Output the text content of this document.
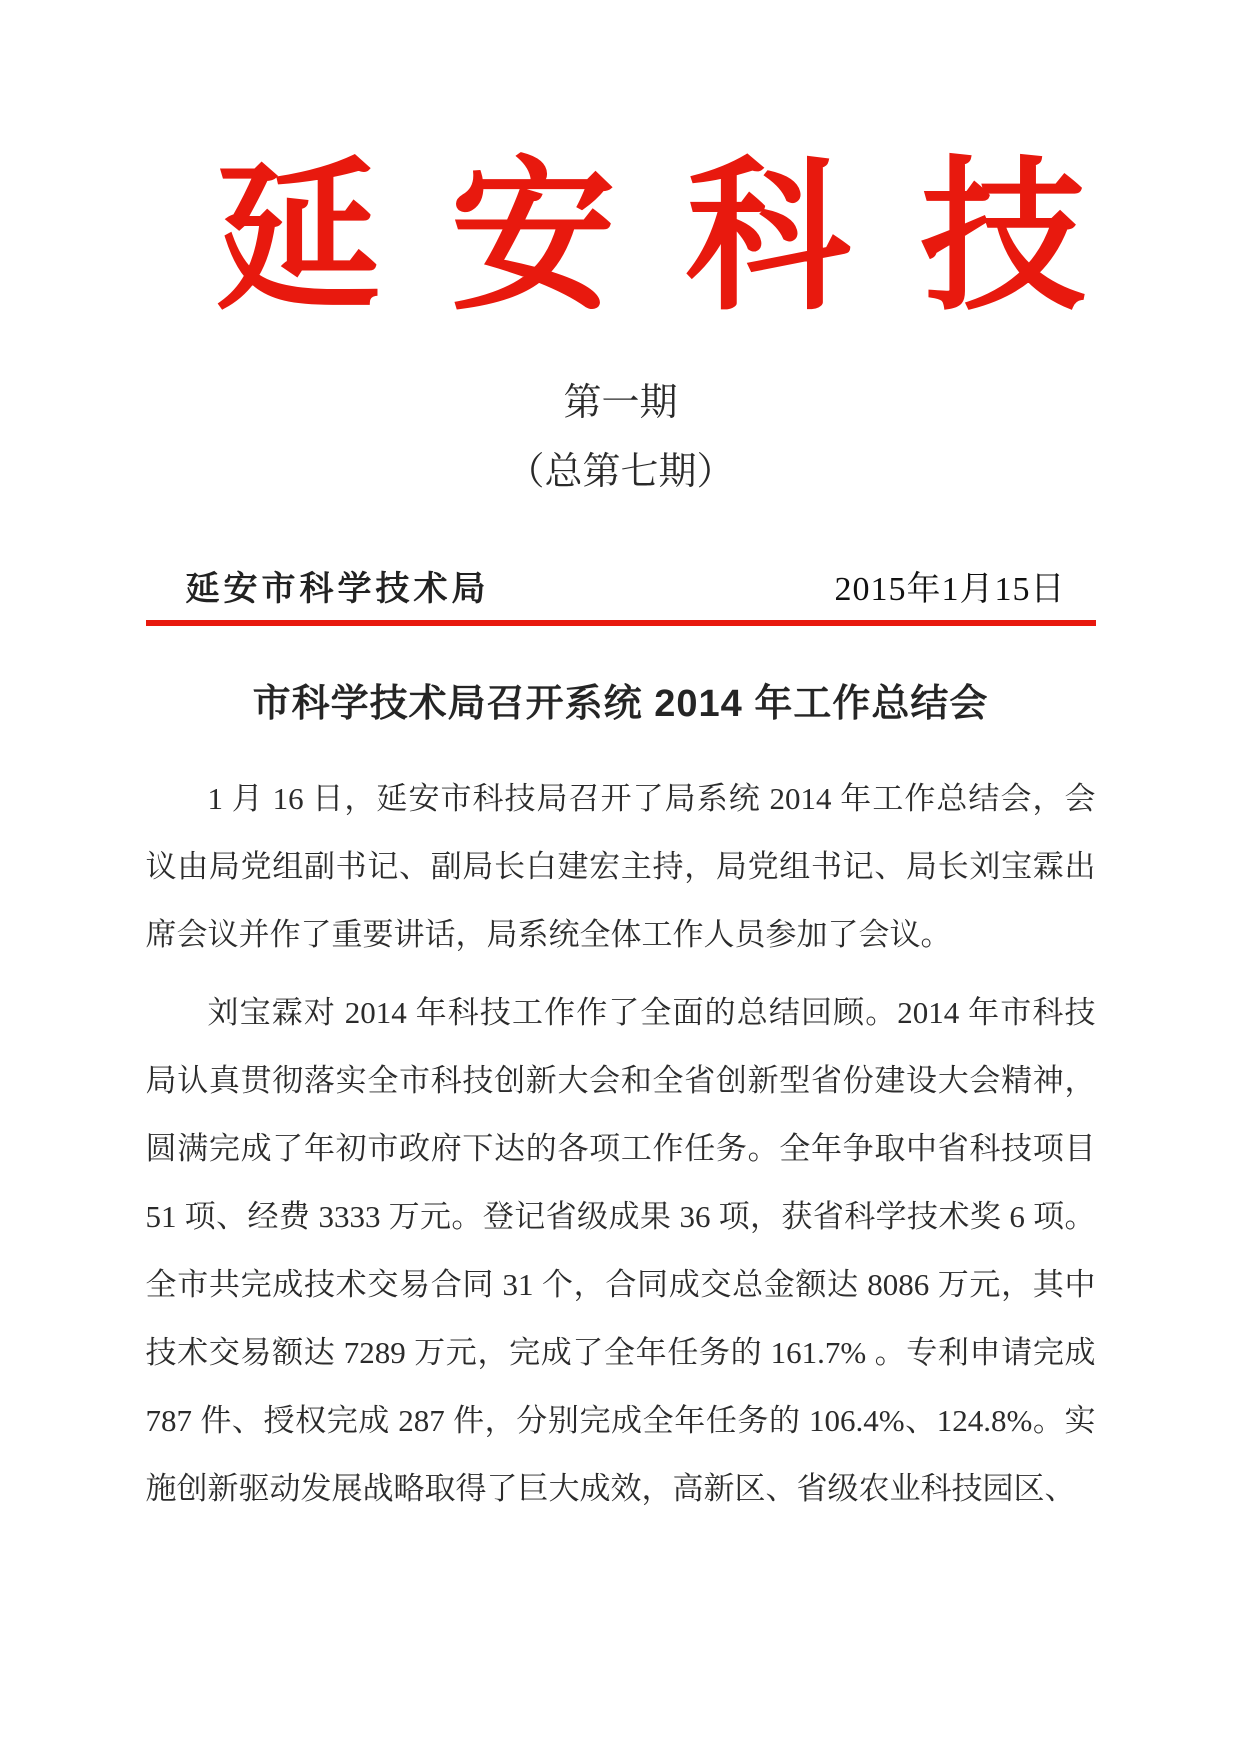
延安科技
第一期
（总第七期）
延安市科学技术局	2015年1月15日
市科学技术局召开系统 2014 年工作总结会

1 月 16 日，延安市科技局召开了局系统 2014 年工作总结会，会议由局党组副书记、副局长白建宏主持，局党组书记、局长刘宝霖出席会议并作了重要讲话，局系统全体工作人员参加了会议。

刘宝霖对 2014 年科技工作作了全面的总结回顾。2014 年市科技局认真贯彻落实全市科技创新大会和全省创新型省份建设大会精神，圆满完成了年初市政府下达的各项工作任务。全年争取中省科技项目 51 项、经费 3333 万元。登记省级成果 36 项，获省科学技术奖 6 项。全市共完成技术交易合同 31 个，合同成交总金额达 8086 万元，其中技术交易额达 7289 万元，完成了全年任务的 161.7% 。专利申请完成 787 件、授权完成 287 件，分别完成全年任务的 106.4%、124.8%。实施创新驱动发展战略取得了巨大成效，高新区、省级农业科技园区、
